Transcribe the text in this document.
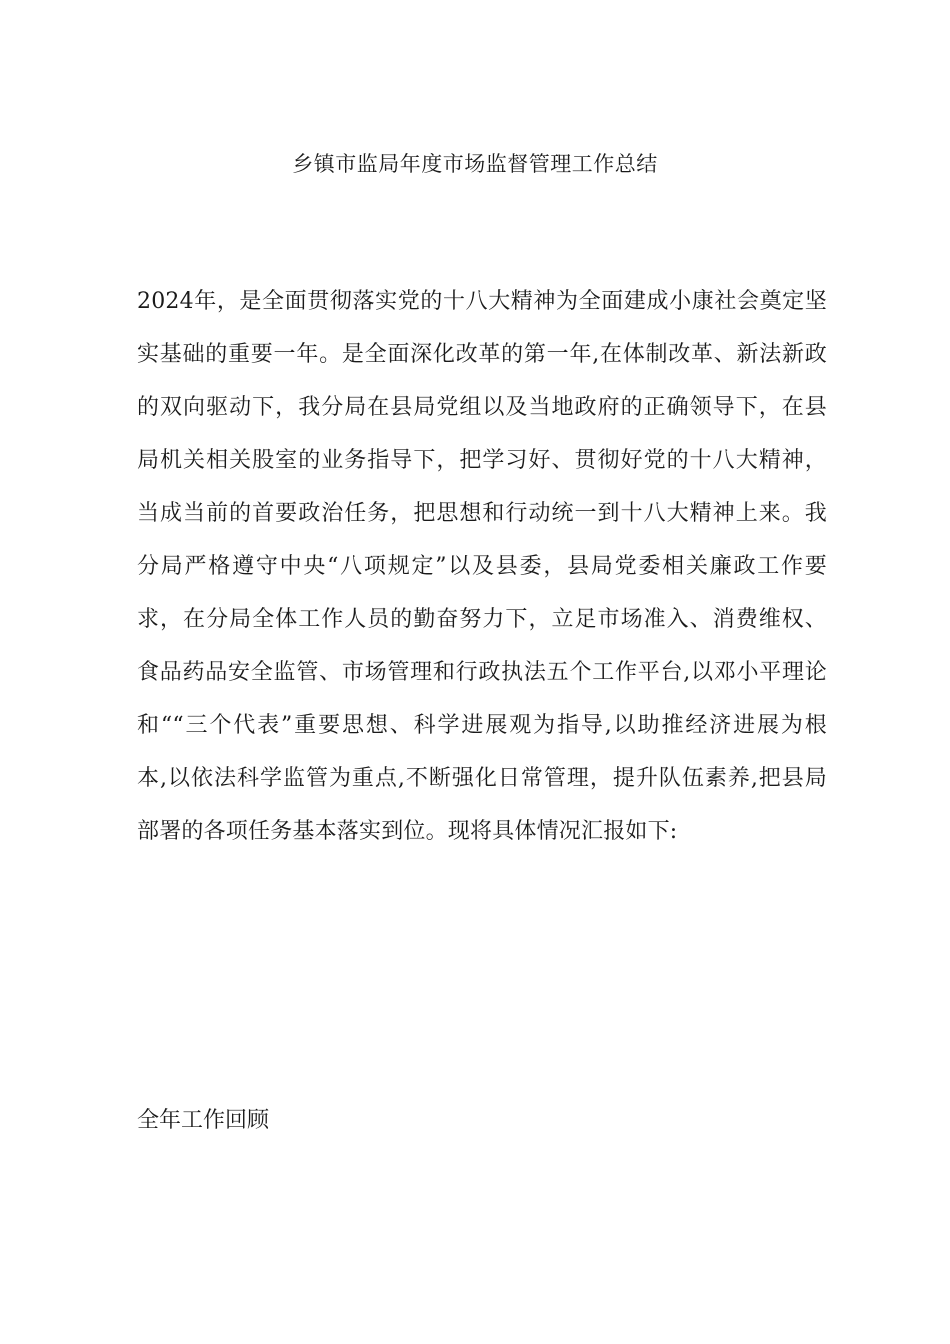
乡镇市监局年度市场监督管理工作总结
2024年，是全面贯彻落实党的十八大精神为全面建成小康社会奠定坚
实基础的重要一年。是全面深化改革的第一年,在体制改革、新法新政
的双向驱动下，我分局在县局党组以及当地政府的正确领导下，在县
局机关相关股室的业务指导下，把学习好、贯彻好党的十八大精神，
当成当前的首要政治任务，把思想和行动统一到十八大精神上来。我
分局严格遵守中央“八项规定”以及县委，县局党委相关廉政工作要
求，在分局全体工作人员的勤奋努力下，立足市场准入、消费维权、
食品药品安全监管、市场管理和行政执法五个工作平台,以邓小平理论
和““三个代表”重要思想、科学进展观为指导,以助推经济进展为根
本,以依法科学监管为重点,不断强化日常管理，提升队伍素养,把县局
部署的各项任务基本落实到位。现将具体情况汇报如下:
全年工作回顾
